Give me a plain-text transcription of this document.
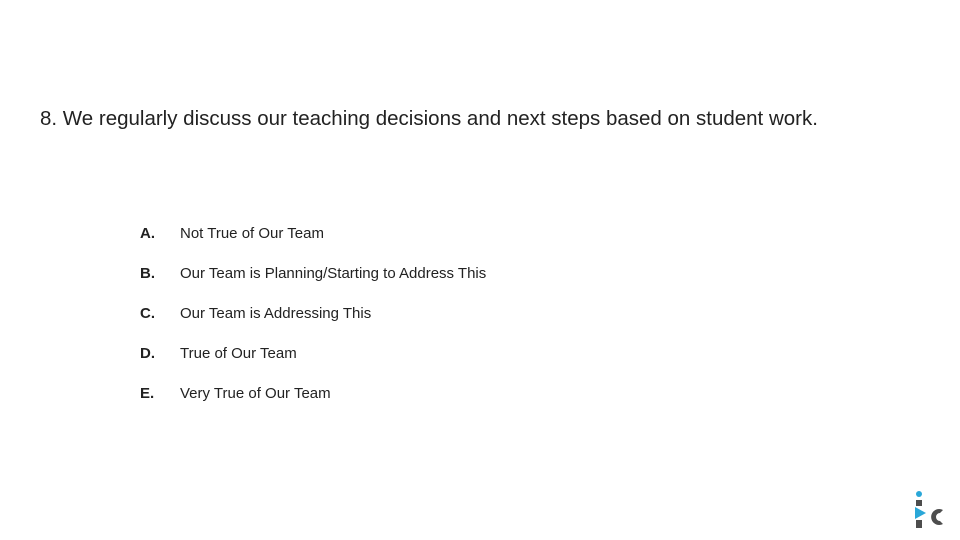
8. We regularly discuss our teaching decisions and next steps based on student work.
A.	Not True of Our Team
B.	Our Team is Planning/Starting to Address This
C.	Our Team is Addressing This
D.	True of Our Team
E.	Very True of Our Team
